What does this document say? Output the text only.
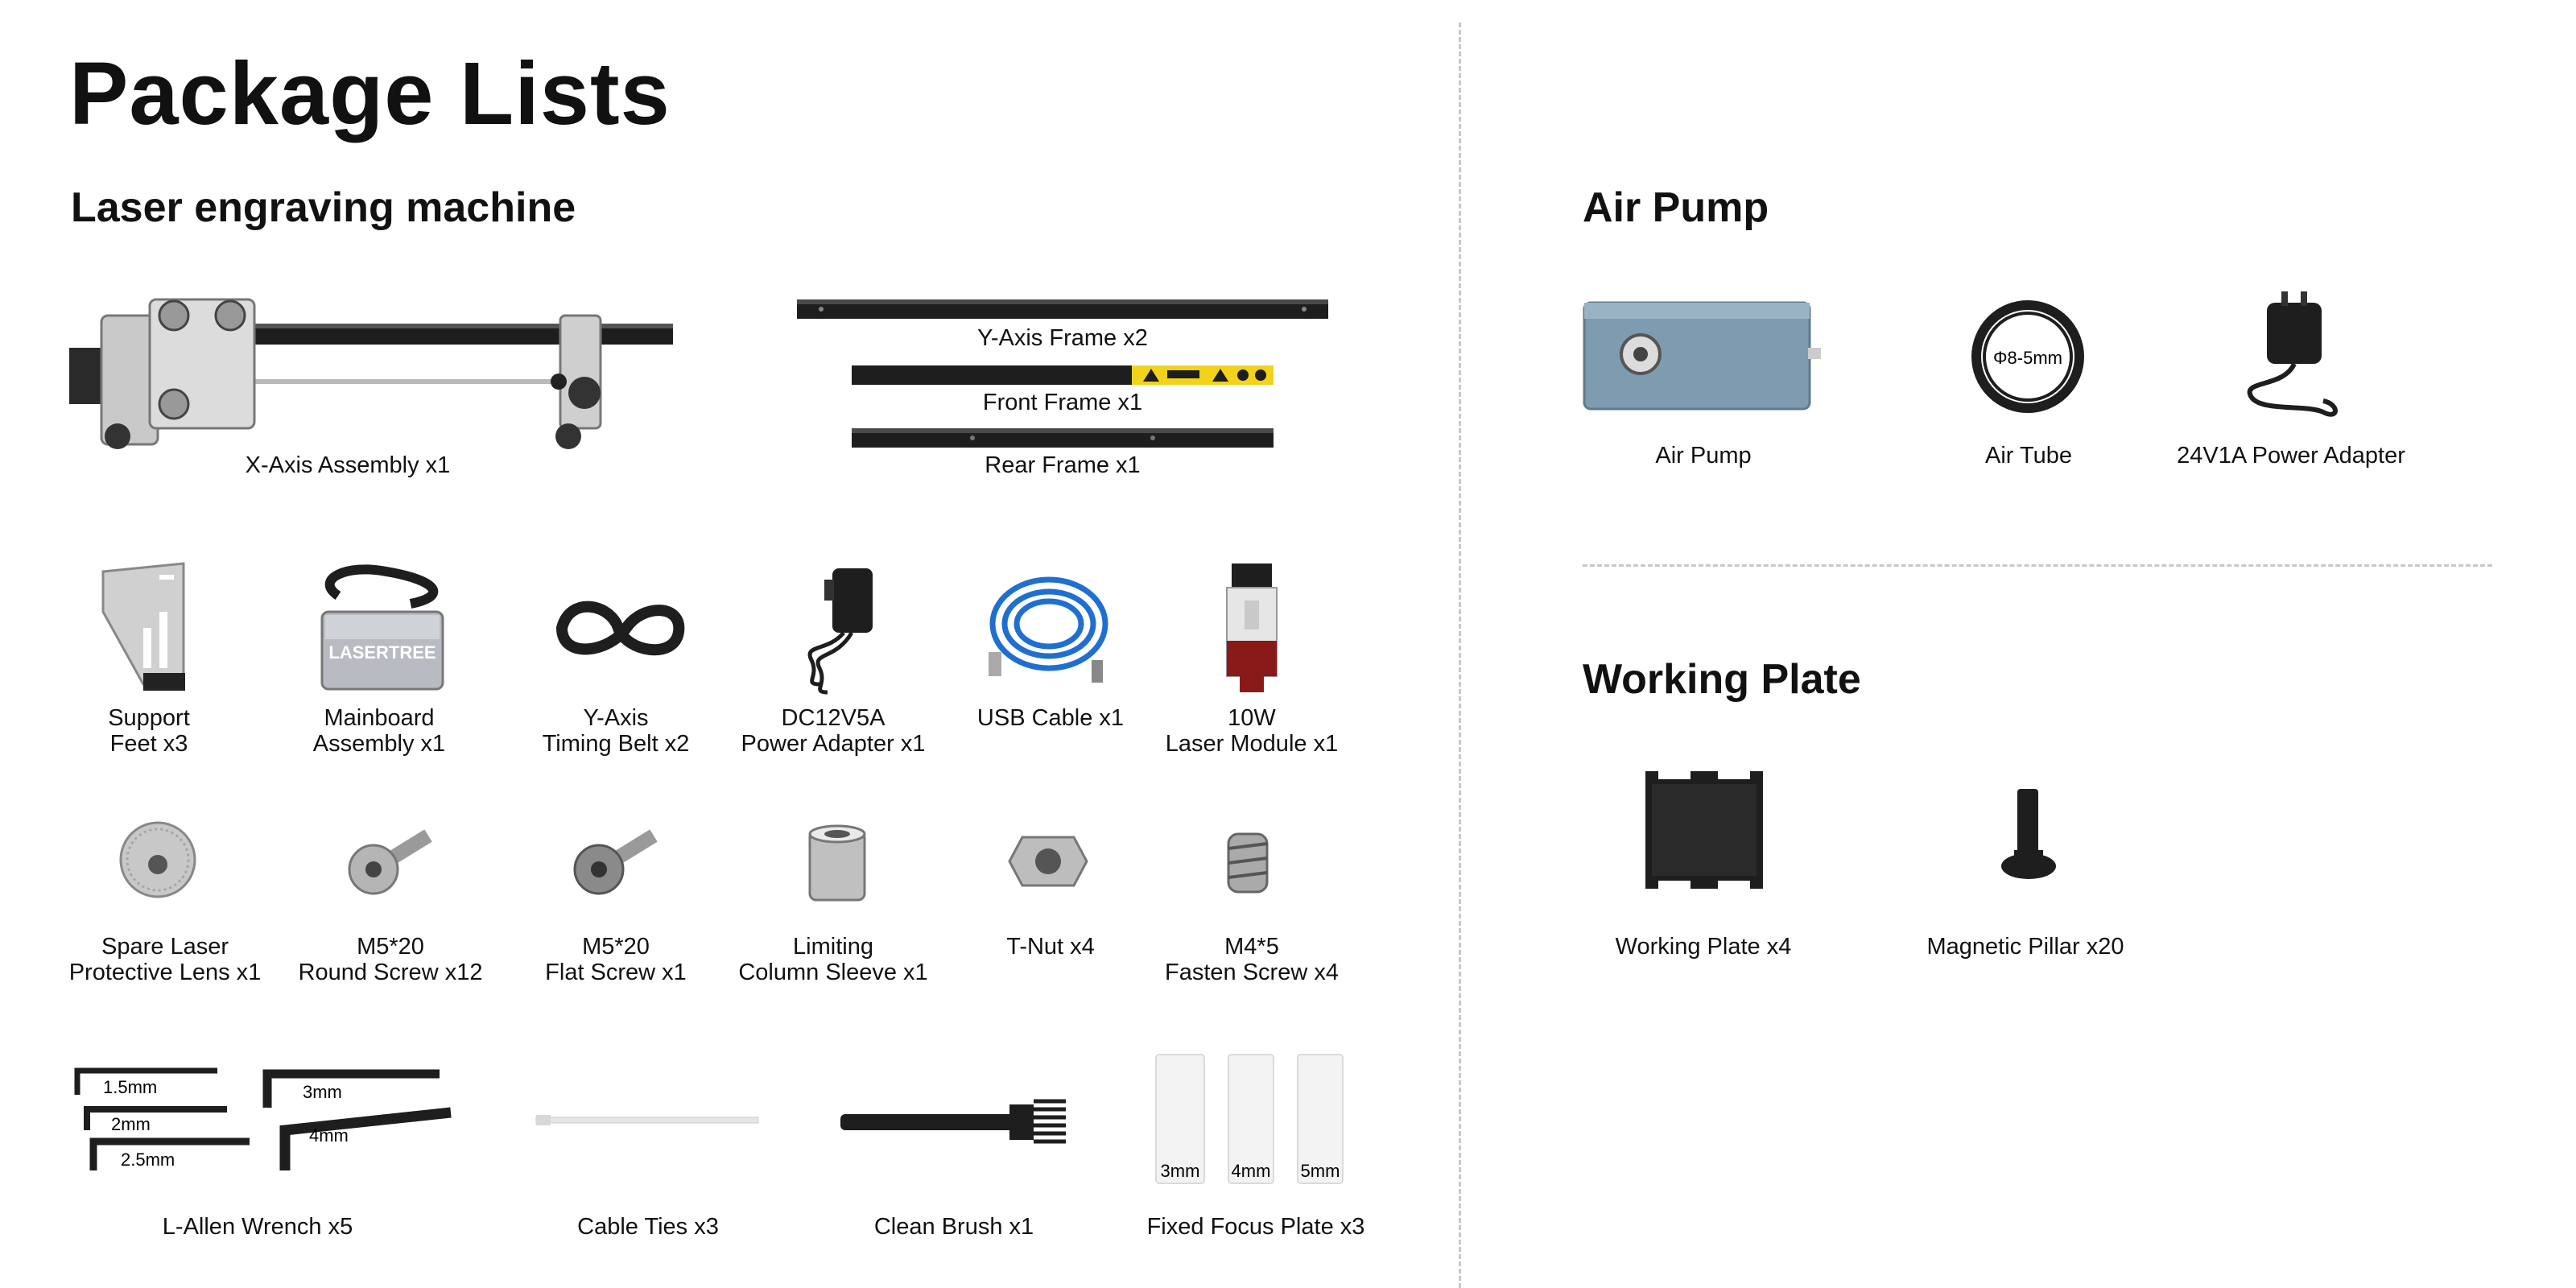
Package Lists
Laser engraving machine
X-Axis Assembly x1
Y-Axis Frame x2
Front Frame x1
Rear Frame x1
LASERTREE
Support
Feet x3
Mainboard
Assembly x1
Y-Axis
Timing Belt x2
DC12V5A
Power Adapter x1
USB Cable x1	10W
Laser Module x1
Spare Laser
Protective Lens x1
M5*20
Round Screw x12
M5*20
Flat Screw x1
Limiting
Column Sleeve x1
T-Nut x4	M4*5
Fasten Screw x4
1.5mm
2mm
2.5mm
3mm
4mm
L-Allen Wrench x5	Cable Ties x3	Clean Brush x1
3mm 4mm 5mm
Fixed Focus Plate x3
Air Pump
Air Pump
Φ8-5mm
Air Tube	24V1A Power Adapter
Working Plate
Working Plate x4	Magnetic Pillar x20
